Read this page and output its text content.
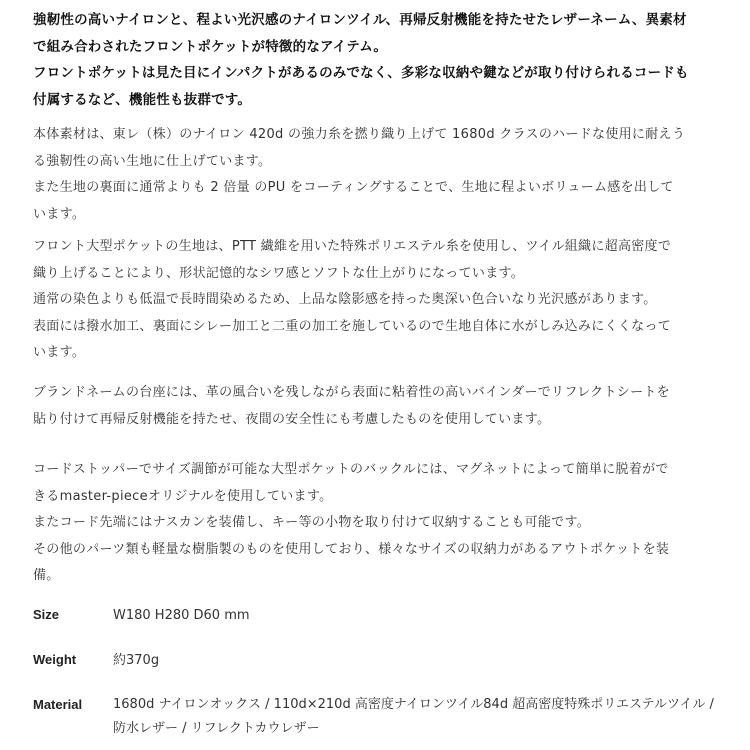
強靭性の高いナイロンと、程よい光沢感のナイロンツイル、再帰反射機能を持たせたレザーネーム、異素材
で組み合わされたフロントポケットが特徴的なアイテム。
フロントポケットは見た目にインパクトがあるのみでなく、多彩な収納や鍵などが取り付けられるコードも
付属するなど、機能性も抜群です。
本体素材は、東レ（株）のナイロン 420d の強力糸を撚り織り上げて 1680d クラスのハードな使用に耐えう
る強靭性の高い生地に仕上げています。
また生地の裏面に通常よりも 2 倍量 のPU をコーティングすることで、生地に程よいボリューム感を出して
います。
フロント大型ポケットの生地は、PTT 繊維を用いた特殊ポリエステル糸を使用し、ツイル組織に超高密度で
織り上げることにより、形状記憶的なシワ感とソフトな仕上がりになっています。
通常の染色よりも低温で長時間染めるため、上品な陰影感を持った奥深い色合いなり光沢感があります。
表面には撥水加工、裏面にシレー加工と二重の加工を施しているので生地自体に水がしみ込みにくくなって
います。
ブランドネームの台座には、革の風合いを残しながら表面に粘着性の高いバインダーでリフレクトシートを
貼り付けて再帰反射機能を持たせ、夜間の安全性にも考慮したものを使用しています。
コードストッパーでサイズ調節が可能な大型ポケットのバックルには、マグネットによって簡単に脱着がで
きるmaster-pieceオリジナルを使用しています。
またコード先端にはナスカンを装備し、キー等の小物を取り付けて収納することも可能です。
その他のパーツ類も軽量な樹脂製のものを使用しており、様々なサイズの収納力があるアウトポケットを装
備。
Size	W180 H280 D60 mm
Weight	約370g
Material 1680d ナイロンオックス / 110d×210d 高密度ナイロンツイル84d 超高密度特殊ポリエステルツイル /
防水レザー / リフレクトカウレザー
